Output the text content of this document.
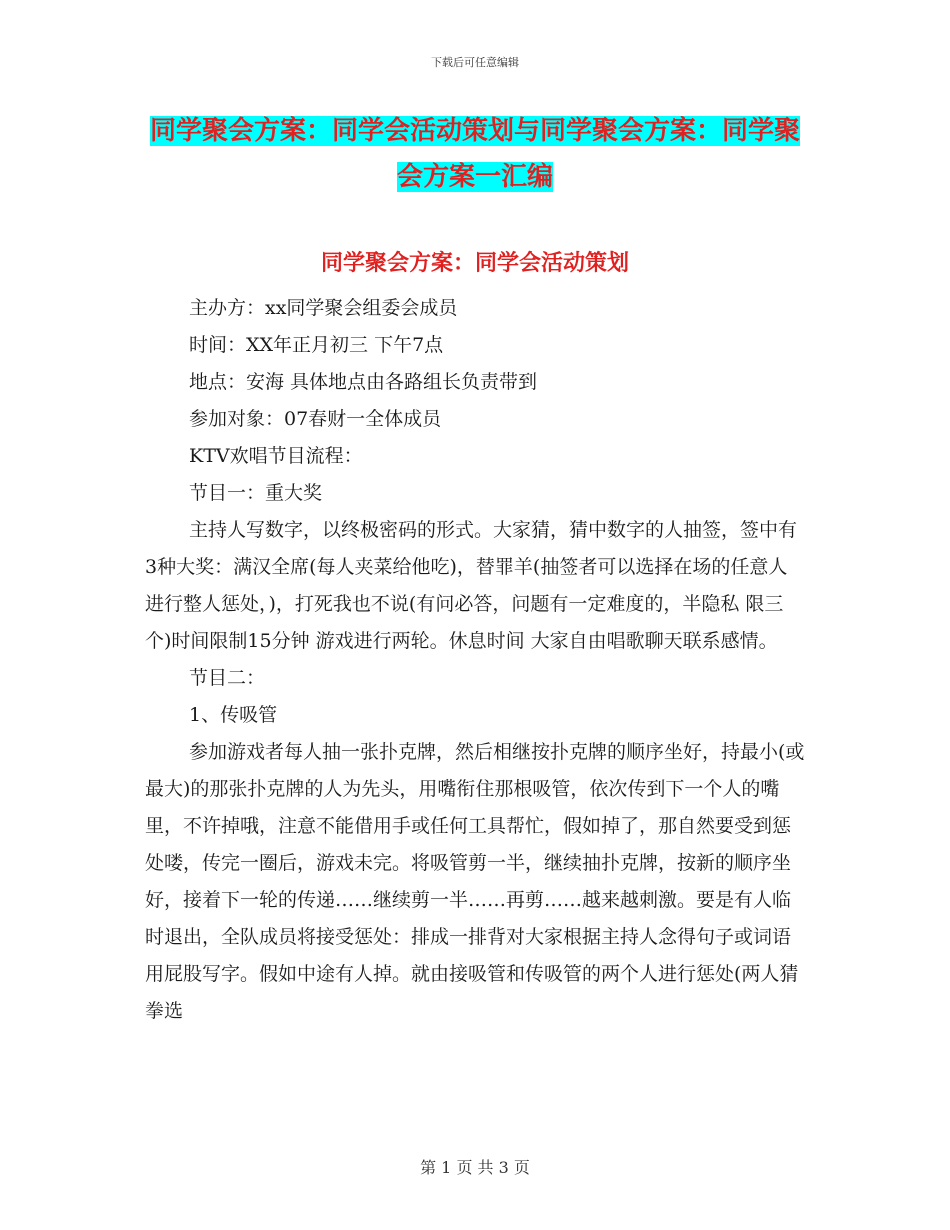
下载后可任意编辑
同学聚会方案：同学会活动策划与同学聚会方案：同学聚会方案一汇编
同学聚会方案：同学会活动策划

主办方：xx同学聚会组委会成员

时间：XX年正月初三 下午7点

地点：安海 具体地点由各路组长负责带到

参加对象：07春财一全体成员

KTV欢唱节目流程：

节目一：重大奖

主持人写数字，以终极密码的形式。大家猜，猜中数字的人抽签，签中有3种大奖：满汉全席(每人夹菜给他吃)，替罪羊(抽签者可以选择在场的任意人进行整人惩处，)，打死我也不说(有问必答，问题有一定难度的，半隐私 限三个)时间限制15分钟 游戏进行两轮。休息时间 大家自由唱歌聊天联系感情。

节目二：

1、传吸管

参加游戏者每人抽一张扑克牌，然后相继按扑克牌的顺序坐好，持最小(或最大)的那张扑克牌的人为先头，用嘴衔住那根吸管，依次传到下一个人的嘴里，不许掉哦，注意不能借用手或任何工具帮忙，假如掉了，那自然要受到惩处喽，传完一圈后，游戏未完。将吸管剪一半，继续抽扑克牌，按新的顺序坐好，接着下一轮的传递……继续剪一半……再剪……越来越刺激。要是有人临时退出，全队成员将接受惩处：排成一排背对大家根据主持人念得句子或词语 用屁股写字。假如中途有人掉。就由接吸管和传吸管的两个人进行惩处(两人猜拳选

第 1 页 共 3 页
